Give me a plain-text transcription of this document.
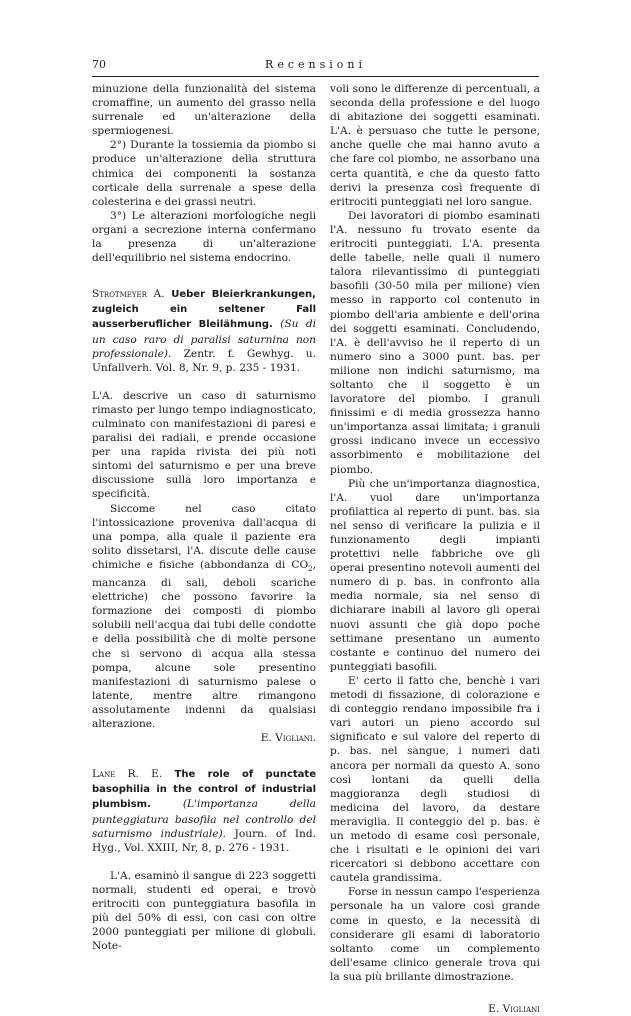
70	Recensioni

minuzione della funzionalità del sistema cromaffine, un aumento del grasso nella surrenale ed un'alterazione della spermiogenesi.

2°) Durante la tossiemia da piombo si produce un'alterazione della struttura chimica dei componenti la sostanza corticale della surrenale a spese della colesterina e dei grassi neutri.

3°) Le alterazioni morfologiche negli organi a secrezione interna confermano la presenza di un'alterazione dell'equilibrio nel sistema endocrino.

Strotmeyer A. Ueber Bleierkrankungen, zugleich ein seltener Fall ausserberuflicher Bleilähmung. (Su di un caso raro di paralisi saturnina non professionale). Zentr. f. Gewhyg. u. Unfallverh. Vol. 8, Nr. 9, p. 235 - 1931.

L'A. descrive un caso di saturnismo rimasto per lungo tempo indiagnosticato, culminato con manifestazioni di paresi e paralisi dei radiali, e prende occasione per una rapida rivista dei più noti sintomi del saturnismo e per una breve discussione sulla loro importanza e specificità.

Siccome nel caso citato l'intossicazione proveniva dall'acqua di una pompa, alla quale il paziente era solito dissetarsi, l'A. discute delle cause chimiche e fisiche (abbondanza di $CO_2$, mancanza di sali, deboli scariche elettriche) che possono favorire la formazione dei composti di piombo solubili nell'acqua dai tubi delle condotte e della possibilità che di molte persone che si servono di acqua alla stessa pompa, alcune sole presentino manifestazioni di saturnismo palese o latente, mentre altre rimangono assolutamente indenni da qualsiasi alterazione.

E. Vigliani.

Lane R. E. The role of punctate basophilia in the control of industrial plumbism.	(L'importanza della punteggiatura basofila nel controllo del saturnismo industriale). Journ. of Ind. Hyg., Vol. XXIII, Nr, 8, p. 276 - 1931.

L'A. esaminò il sangue di 223 soggetti normali, studenti ed operai, e trovò eritrociti con punteggiatura basofila in più del 50% di essi, con casi con oltre 2000 punteggiati per milione di globuli. Note-

voli sono le differenze di percentuali, a seconda della professione e del luogo di abitazione dei soggetti esaminati. L'A. è persuaso che tutte le persone, anche quelle che mai hanno avuto a che fare col piombo, ne assorbano una certa quantità, e che da questo fatto derivi la presenza così frequente di eritrociti punteggiati nel loro sangue.

Dei lavoratori di piombo esaminati l'A. nessuno fu trovato esente da eritrociti punteggiati. L'A. presenta delle tabelle, nelle quali il numero talora rilevantissimo di punteggiati basofili (30-50 mila per milione) vien messo in rapporto col contenuto in piombo dell'aria ambiente e dell'orina dei soggetti esaminati. Concludendo, l'A. è dell'avviso he il reperto di un numero sino a 3000 punt. bas. per milione non indichi saturnismo, ma soltanto che il soggetto è un lavoratore del piombo. I granuli finissimi e di media grossezza hanno un'importanza assai limitata; i granuli grossi indicano invece un eccessivo assorbimento e mobilitazione del piombo.

Più che un'importanza diagnostica, l'A. vuol dare un'importanza profilattica al reperto di punt. bas. sia nel senso di verificare la pulizia e il funzionamento degli impianti protettivi nelle fabbriche ove gli operai presentino notevoli aumenti del numero di p. bas. in confronto alla media normale, sia nel senso di dichiarare inabili al lavoro gli operai nuovi assunti che già dopo poche settimane presentano un aumento costante e continuo del numero dei punteggiati basofili.

E' certo il fatto che, benchè i vari metodi di fissazione, di colorazione e di conteggio rendano impossibile fra i vari autori un pieno accordo sul significato e sul valore del reperto di p. bas. nel sangue, i numeri dati ancora per normali da questo A. sono così lontani da quelli della maggioranza degli studiosi di medicina del lavoro, da destare meraviglia. Il conteggio del p. bas. è un metodo di esame così personale, che i risultati e le opinioni dei vari ricercatori si debbono accettare con cautela grandissima.

Forse in nessun campo l'esperienza personale ha un valore così grande come in questo, e la necessità di considerare gli esami di laboratorio soltanto come un complemento dell'esame clinico generale trova qui la sua più brillante dimostrazione.

E. Vigliani
